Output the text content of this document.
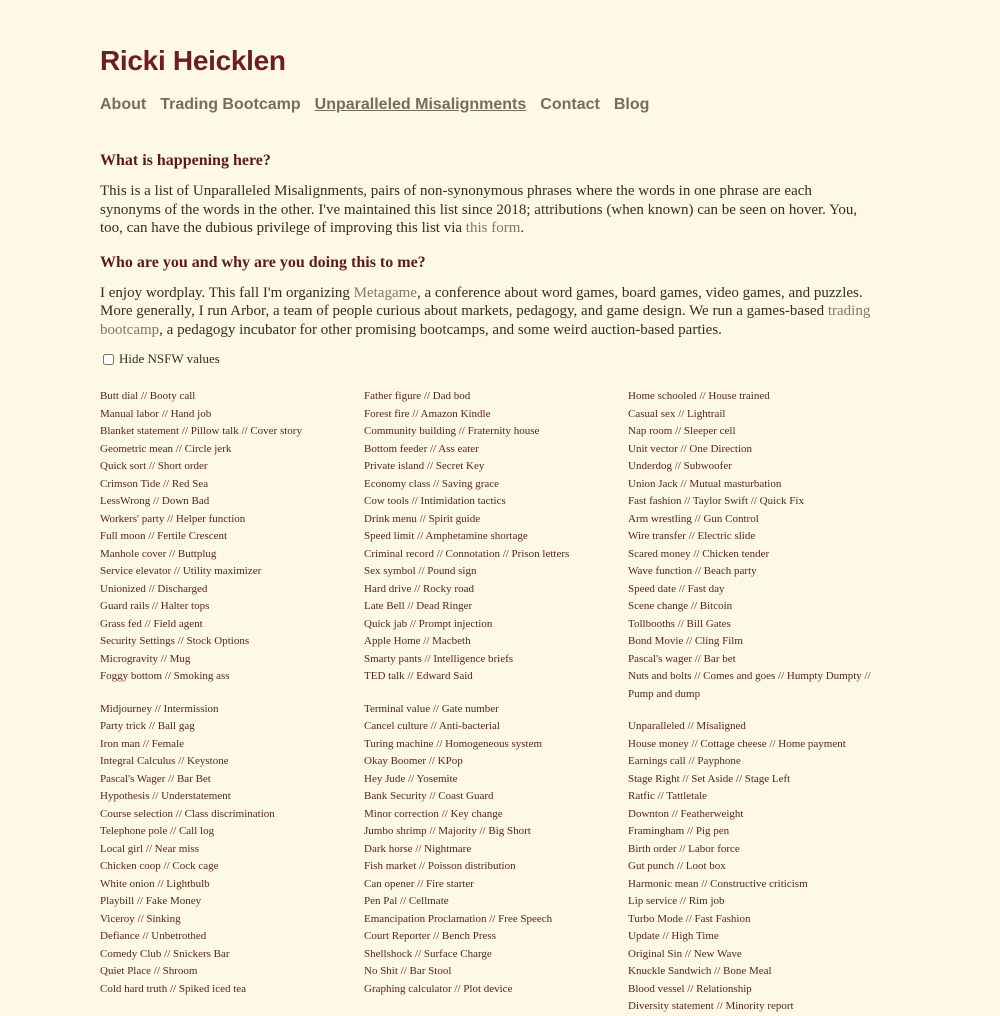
Ricki Heicklen
About Trading Bootcamp Unparalleled Misalignments Contact Blog
What is happening here?

This is a list of Unparalleled Misalignments, pairs of non-synonymous phrases where the words in one phrase are each synonyms of the words in the other. I've maintained this list since 2018; attributions (when known) can be seen on hover. You, too, can have the dubious privilege of improving this list via this form.

Who are you and why are you doing this to me?

I enjoy wordplay. This fall I'm organizing Metagame, a conference about word games, board games, video games, and puzzles. More generally, I run Arbor, a team of people curious about markets, pedagogy, and game design. We run a games-based trading bootcamp, a pedagogy incubator for other promising bootcamps, and some weird auction-based parties.

Hide NSFW values
Butt dial // Booty call
Manual labor // Hand job
Blanket statement // Pillow talk // Cover story
Geometric mean // Circle jerk
Quick sort // Short order
Crimson Tide // Red Sea
LessWrong // Down Bad
Workers' party // Helper function
Full moon // Fertile Crescent
Manhole cover // Buttplug
Service elevator // Utility maximizer
Unionized // Discharged
Guard rails // Halter tops
Grass fed // Field agent
Security Settings // Stock Options
Microgravity // Mug
Foggy bottom // Smoking ass
Midjourney // Intermission
Party trick // Ball gag
Iron man // Female
Integral Calculus // Keystone
Pascal's Wager // Bar Bet
Hypothesis // Understatement
Course selection // Class discrimination
Telephone pole // Call log
Local girl // Near miss
Chicken coop // Cock cage
White onion // Lightbulb
Playbill // Fake Money
Viceroy // Sinking
Defiance // Unbetrothed
Comedy Club // Snickers Bar
Quiet Place // Shroom
Cold hard truth // Spiked iced tea
Father figure // Dad bod
Forest fire // Amazon Kindle
Community building // Fraternity house
Bottom feeder // Ass eater
Private island // Secret Key
Economy class // Saving grace
Cow tools // Intimidation tactics
Drink menu // Spirit guide
Speed limit // Amphetamine shortage
Criminal record // Connotation // Prison letters
Sex symbol // Pound sign
Hard drive // Rocky road
Late Bell // Dead Ringer
Quick jab // Prompt injection
Apple Home // Macbeth
Smarty pants // Intelligence briefs
TED talk // Edward Said
Terminal value // Gate number
Cancel culture // Anti-bacterial
Turing machine // Homogeneous system
Okay Boomer // KPop
Hey Jude // Yosemite
Bank Security // Coast Guard
Minor correction // Key change
Jumbo shrimp // Majority // Big Short
Dark horse // Nightmare
Fish market // Poisson distribution
Can opener // Fire starter
Pen Pal // Cellmate
Emancipation Proclamation // Free Speech
Court Reporter // Bench Press
Shellshock // Surface Charge
No Shit // Bar Stool
Graphing calculator // Plot device
Home schooled // House trained
Casual sex // Lightrail
Nap room // Sleeper cell
Unit vector // One Direction
Underdog // Subwoofer
Union Jack // Mutual masturbation
Fast fashion // Taylor Swift // Quick Fix
Arm wrestling // Gun Control
Wire transfer // Electric slide
Scared money // Chicken tender
Wave function // Beach party
Speed date // Fast day
Scene change // Bitcoin
Tollbooths // Bill Gates
Bond Movie // Cling Film
Pascal's wager // Bar bet
Nuts and bolts // Comes and goes // Humpty Dumpty // Pump and dump
Unparalleled // Misaligned
House money // Cottage cheese // Home payment
Earnings call // Payphone
Stage Right // Set Aside // Stage Left
Ratfic // Tattletale
Downton // Featherweight
Framingham // Pig pen
Birth order // Labor force
Gut punch // Loot box
Harmonic mean // Constructive criticism
Lip service // Rim job
Turbo Mode // Fast Fashion
Update // High Time
Original Sin // New Wave
Knuckle Sandwich // Bone Meal
Blood vessel // Relationship
Diversity statement // Minority report
